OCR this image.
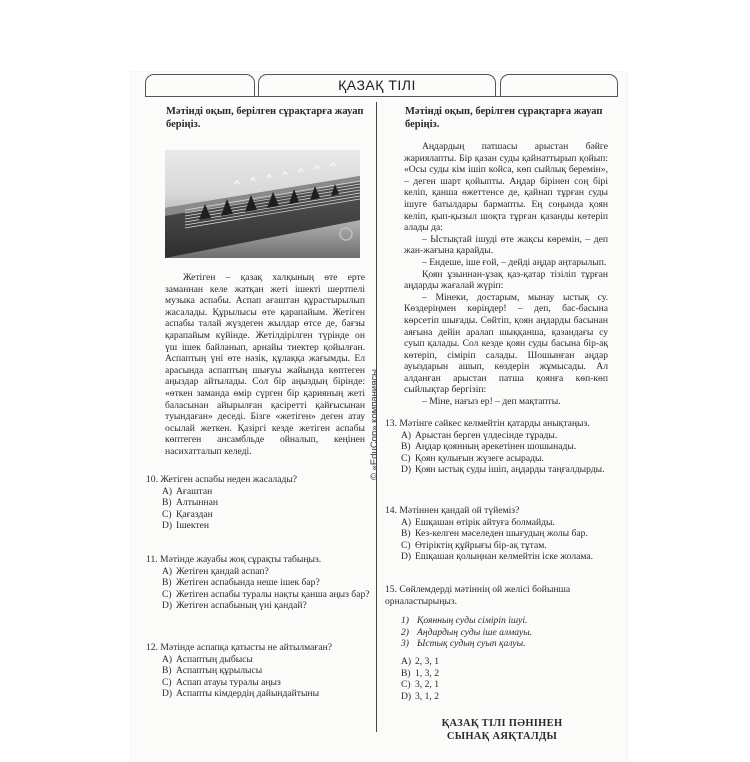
ҚАЗАҚ ТІЛІ
© «EduCon» компаниясы
Мәтінді оқып, берілген сұрақтарға жауап беріңіз.

Жетіген – қазақ халқының өте ерте заманнан келе жатқан жеті ішекті шертпелі музыка аспабы. Аспап ағаштан құрастырылып жасалады. Құрылысы өте қарапайым. Жетіген аспабы талай жүздеген жылдар өтсе де, бағзы қарапайым күйінде. Жетілдірілген түрінде он үш ішек байланып, арнайы тиектер қойылған. Аспаптың үні өте нәзік, құлаққа жағымды. Ел арасында аспаптың шығуы жайында көптеген аңыздар айтылады. Сол бір аңыздың бірінде: «өткен заманда өмір сүрген бір қарияның жеті баласынан айырылған қасіретті қайғысынан туындаған» деседі. Бізге «жетіген» деген атау осылай жеткен. Қазіргі кезде жетіген аспабы көптеген ансамбльде ойналып, кеңінен насихатталып келеді.

10. Жетіген аспабы неден жасалады?

A) Ағаштан
B) Алтыннан
C) Қағаздан
D) Ішектен

11. Мәтінде жауабы жоқ сұрақты табыңыз.

A) Жетіген қандай аспап?
B) Жетіген аспабында неше ішек бар?
C) Жетіген аспабы туралы нақты қанша аңыз бар?
D) Жетіген аспабының үні қандай?

12. Мәтінде аспапқа қатысты не айтылмаған?

A) Аспаптың дыбысы
B) Аспаптың құрылысы
C) Аспап атауы туралы аңыз
D) Аспапты кімдердің дайындайтыны
Мәтінді оқып, берілген сұрақтарға жауап беріңіз.

Аңдардың патшасы арыстан бәйге жариялапты. Бір қазан суды қайнаттырып қойып: «Осы суды кім ішіп койса, көп сыйлық беремін», – деген шарт қойыпты. Аңдар бірінен соң бірі келіп, қанша өжеттенсе де, қайнап тұрған суды ішуге батылдары бармапты. Ең соңында қоян келіп, қып-қызыл шоқта тұрған қазанды көтеріп алады да:

– Ыстықтай ішуді өте жақсы көремін, – деп жан-жағына қарайды.

– Ендеше, іше ғой, – дейді аңдар аңтарылып.

Қоян ұзыннан-ұзақ қаз-қатар тізіліп тұрған аңдарды жағалай жүріп:

– Мінеки, достарым, мынау ыстық су. Көздеріңмен көріңдер! – деп, бас-басына көрсетіп шығады. Сөйтіп, қоян аңдарды басынан аяғына дейін аралап шыққанша, қазандағы су суып қалады. Сол кезде қоян суды басына бір-ақ көтеріп, сіміріп салады. Шошынған аңдар ауыздарын ашып, көздерін жұмысады. Ал алданған арыстан патша қоянға көп-көп сыйлықтар бергізіп:

– Міне, нағыз ер! – деп мақтапты.

13. Мәтінге сәйкес келмейтін қатарды анықтаңыз.

A) Арыстан берген үлдесінде тұрады.
B) Аңдар қоянның әрекетінен шошынады.
C) Қоян қулығын жүзеге асырады.
D) Қоян ыстық суды ішіп, аңдарды таңғалдырды.

14. Мәтіннен қандай ой түйеміз?

A) Ешқашан өтірік айтуға болмайды.
B) Кез-келген мәселеден шығудың жолы бар.
C) Өтіріктің құйрығы бір-ақ тұтам.
D) Ешқашан қолыңнан келмейтін іске жолама.

15. Сөйлемдерді мәтіннің ой желісі бойынша орналастырыңыз.

1) Қоянның суды сіміріп ішуі.
2) Аңдардың суды іше алмауы.
3) Ыстық судың суып қалуы.
A) 2, 3, 1
B) 1, 3, 2
C) 3, 2, 1
D) 3, 1, 2
ҚАЗАҚ ТІЛІ ПӘНІНЕН
СЫНАҚ АЯҚТАЛДЫ
